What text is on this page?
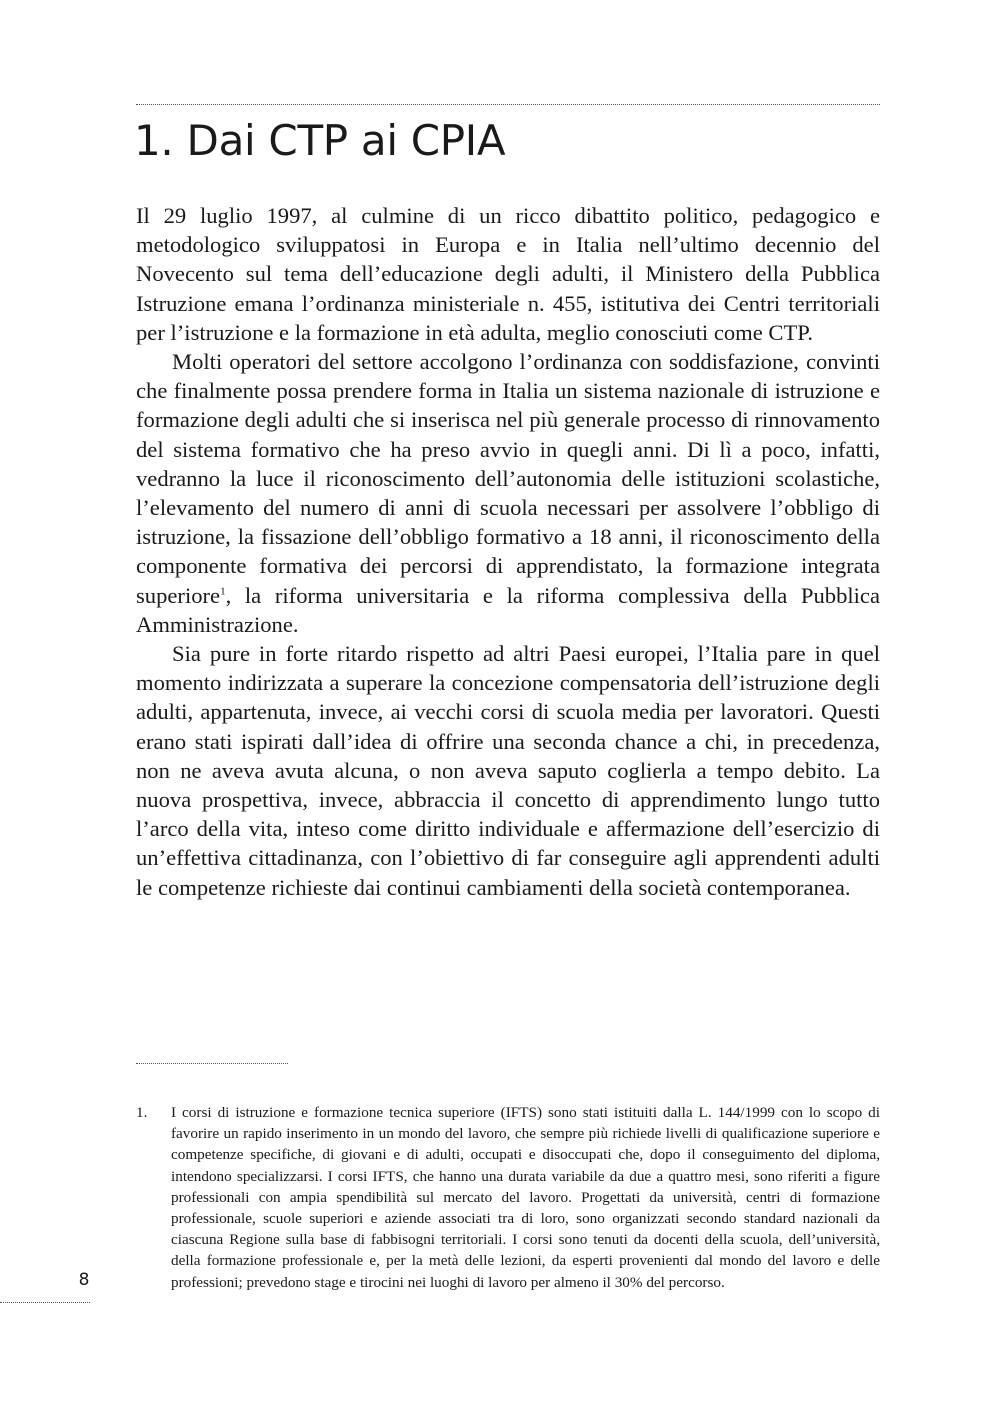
1. Dai CTP ai CPIA

Il 29 luglio 1997, al culmine di un ricco dibattito politico, pedagogico e metodologico sviluppatosi in Europa e in Italia nell’ultimo decennio del Novecento sul tema dell’educazione degli adulti, il Ministero della Pubblica Istruzione emana l’ordinanza ministeriale n. 455, istitutiva dei Centri territoriali per l’istruzione e la formazione in età adulta, meglio conosciuti come CTP.

Molti operatori del settore accolgono l’ordinanza con soddisfazione, convinti che finalmente possa prendere forma in Italia un sistema nazionale di istruzione e formazione degli adulti che si inserisca nel più generale processo di rinnovamento del sistema formativo che ha preso avvio in quegli anni. Di lì a poco, infatti, vedranno la luce il riconoscimento dell’autonomia delle istituzioni scolastiche, l’elevamento del numero di anni di scuola necessari per assolvere l’obbligo di istruzione, la fissazione dell’obbligo formativo a 18 anni, il riconoscimento della componente formativa dei percorsi di apprendistato, la formazione integrata superiore$^1$, la riforma universitaria e la riforma complessiva della Pubblica Amministrazione.

Sia pure in forte ritardo rispetto ad altri Paesi europei, l’Italia pare in quel momento indirizzata a superare la concezione compensatoria dell’istruzione degli adulti, appartenuta, invece, ai vecchi corsi di scuola media per lavoratori. Questi erano stati ispirati dall’idea di offrire una seconda chance a chi, in precedenza, non ne aveva avuta alcuna, o non aveva saputo coglierla a tempo debito. La nuova prospettiva, invece, abbraccia il concetto di apprendimento lungo tutto l’arco della vita, inteso come diritto individuale e affermazione dell’esercizio di un’effettiva cittadinanza, con l’obiettivo di far conseguire agli apprendenti adulti le competenze richieste dai continui cambiamenti della società contemporanea.

1. I corsi di istruzione e formazione tecnica superiore (IFTS) sono stati istituiti dalla L. 144/1999 con lo scopo di favorire un rapido inserimento in un mondo del lavoro, che sempre più richiede livelli di qualificazione superiore e competenze specifiche, di giovani e di adulti, occupati e disoccupati che, dopo il conseguimento del diploma, intendono specializzarsi. I corsi IFTS, che hanno una durata variabile da due a quattro mesi, sono riferiti a figure professionali con ampia spendibilità sul mercato del lavoro. Progettati da università, centri di formazione professionale, scuole superiori e aziende associati tra di loro, sono organizzati secondo standard nazionali da ciascuna Regione sulla base di fabbisogni territoriali. I corsi sono tenuti da docenti della scuola, dell’università, della formazione professionale e, per la metà delle lezioni, da esperti provenienti dal mondo del lavoro e delle professioni; prevedono stage e tirocini nei luoghi di lavoro per almeno il 30% del percorso.
8
